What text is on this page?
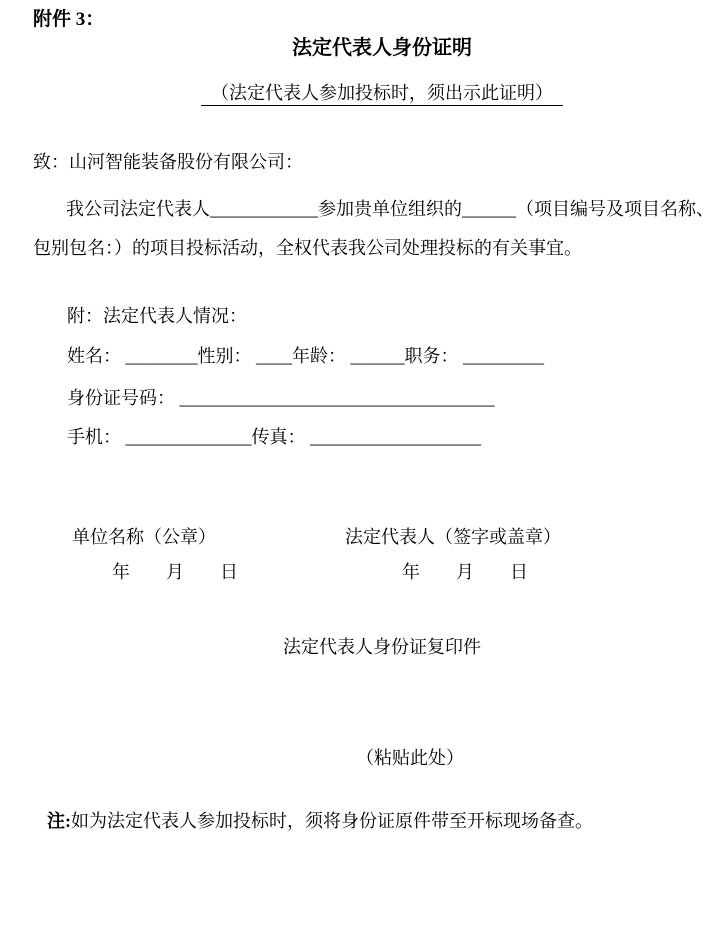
附件 3：
法定代表人身份证明
（法定代表人参加投标时，须出示此证明）
致：山河智能装备股份有限公司：
我公司法定代表人____________参加贵单位组织的______（项目编号及项目名称、
包别包名：）的项目投标活动，全权代表我公司处理投标的有关事宜。
附：法定代表人情况：
姓名： ________性别： ____年龄： ______职务： _________
身份证号码： ___________________________________
手机： ______________传真： ___________________
单位名称（公章）	法定代表人（签字或盖章）
年　　月　　日	年　　月　　日
法定代表人身份证复印件
（粘贴此处）
注:如为法定代表人参加投标时，须将身份证原件带至开标现场备查。
